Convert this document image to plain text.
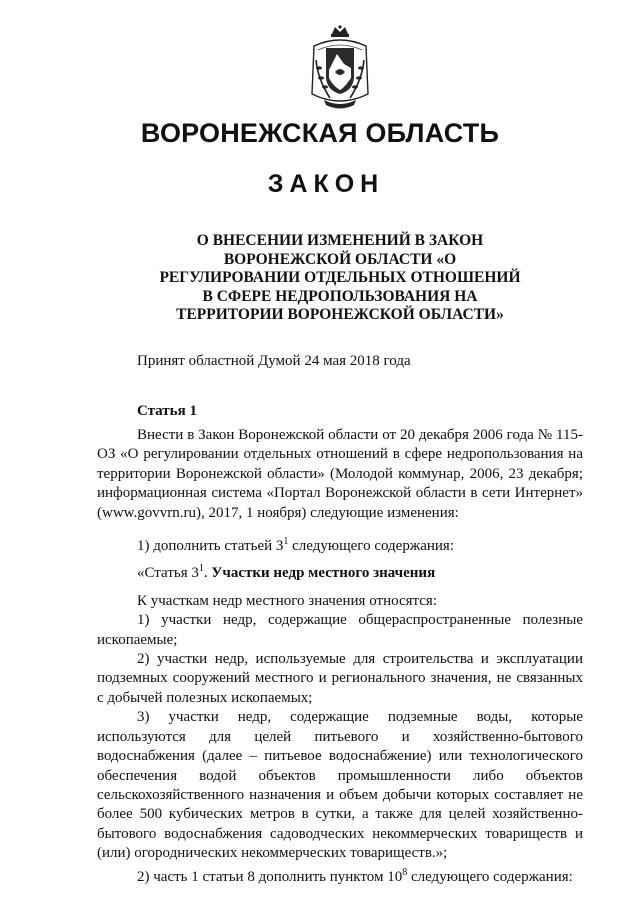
ВОРОНЕЖСКАЯ ОБЛАСТЬ
ЗАКОН
О ВНЕСЕНИИ ИЗМЕНЕНИЙ В ЗАКОН
ВОРОНЕЖСКОЙ ОБЛАСТИ «О
РЕГУЛИРОВАНИИ ОТДЕЛЬНЫХ ОТНОШЕНИЙ
В СФЕРЕ НЕДРОПОЛЬЗОВАНИЯ НА
ТЕРРИТОРИИ ВОРОНЕЖСКОЙ ОБЛАСТИ»
Принят областной Думой 24 мая 2018 года
Статья 1

Внести в Закон Воронежской области от 20 декабря 2006 года № 115-ОЗ «О регулировании отдельных отношений в сфере недропользования на территории Воронежской области» (Молодой коммунар, 2006, 23 декабря; информационная система «Портал Воронежской области в сети Интернет» (www.govvrn.ru), 2017, 1 ноября) следующие изменения:

1) дополнить статьей $3^1$ следующего содержания:

«Статья $3^1$. Участки недр местного значения

К участкам недр местного значения относятся:

1) участки недр, содержащие общераспространенные полезные ископаемые;

2) участки недр, используемые для строительства и эксплуатации подземных сооружений местного и регионального значения, не связанных с добычей полезных ископаемых;

3) участки недр, содержащие подземные воды, которые используются для целей питьевого и хозяйственно-бытового водоснабжения (далее – питьевое водоснабжение) или технологического обеспечения водой объектов промышленности либо объектов сельскохозяйственного назначения и объем добычи которых составляет не более 500 кубических метров в сутки, а также для целей хозяйственно-бытового водоснабжения садоводческих некоммерческих товариществ и (или) огороднических некоммерческих товариществ.»;

2) часть 1 статьи 8 дополнить пунктом $10^8$ следующего содержания:
